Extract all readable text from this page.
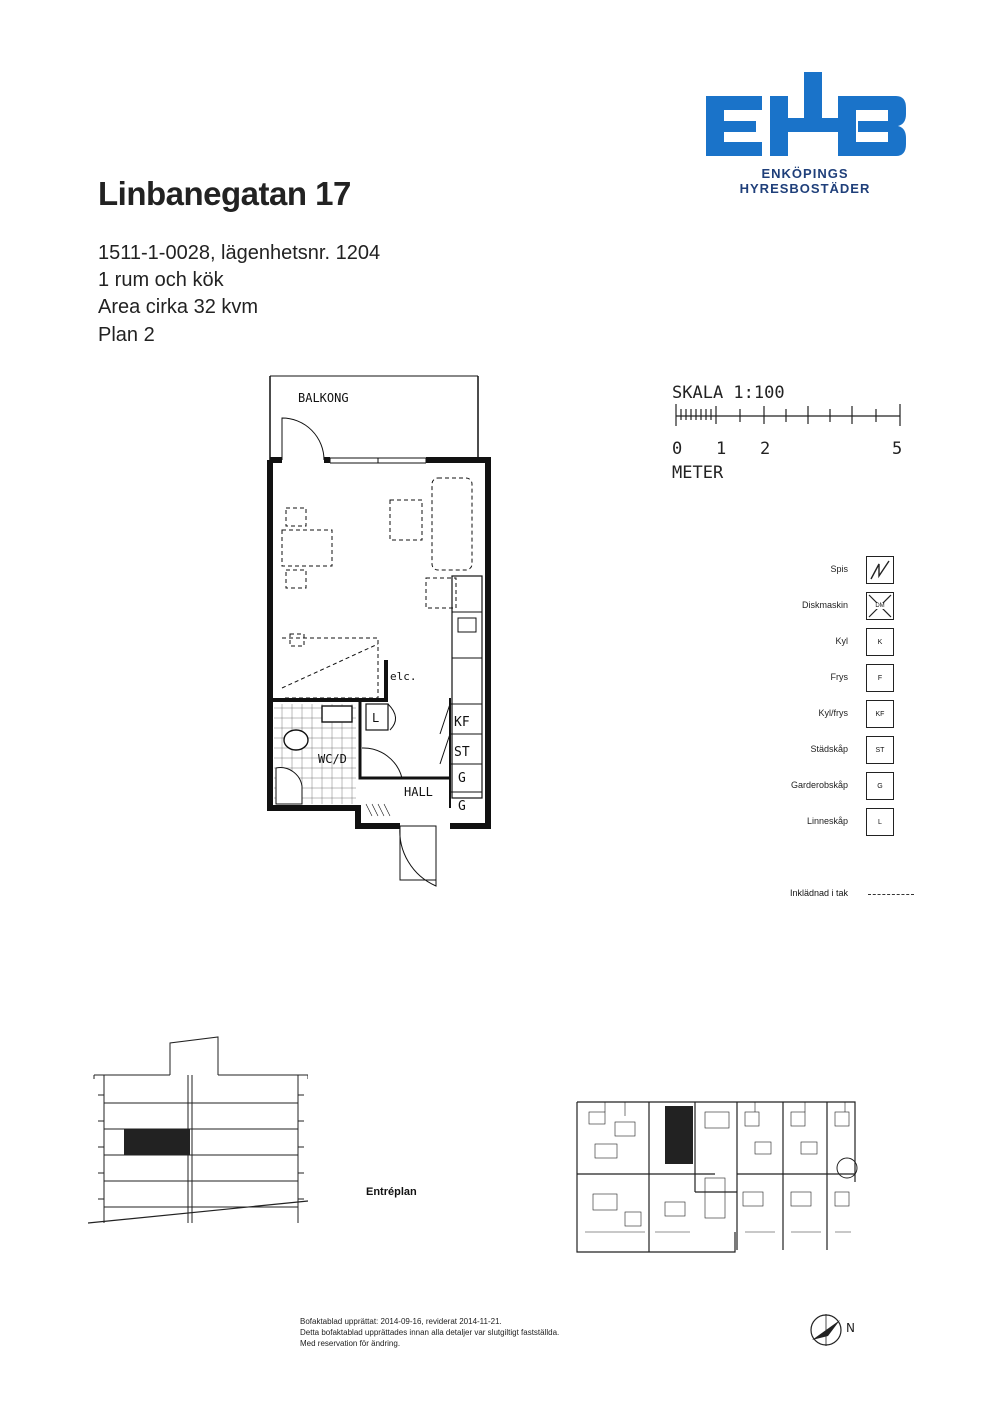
ENKÖPINGS HYRESBOSTÄDER
Linbanegatan 17
1511-1-0028, lägenhetsnr. 1204
1 rum och kök
Area cirka 32 kvm
Plan 2
BALKONG
WC/D
L
elc.
KF
ST
G
G
HALL
SKALA 1:100
0 1 2	5
METER
Spis
Diskmaskin	DM
Kyl	K
Frys	F
Kyl/frys	KF
Städskåp	ST
Garderobskåp	G
Linneskåp	L
Inklädnad i tak
Entréplan
Bofaktablad upprättat: 2014-09-16, reviderat 2014-11-21.
Detta bofaktablad upprättades innan alla detaljer var slutgiltigt fastställda.
Med reservation för ändring.
N
